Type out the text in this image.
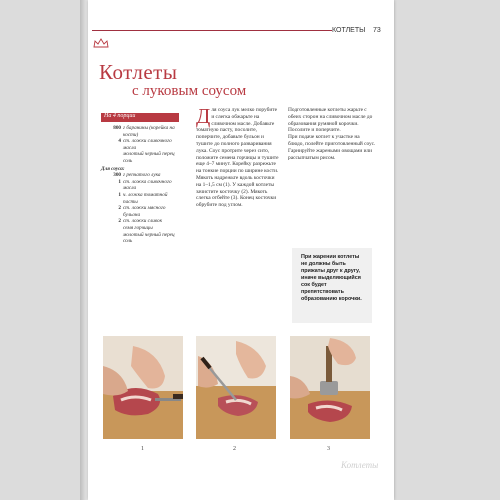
КОТЛЕТЫ 73
Котлеты
с луковым соусом
На 4 порции
800 г баранины (корейка на кости)
4 ст. ложки сливочного масла
молотый черный перец
соль
Для соуса:
300 г репчатого лука
1 ст. ложка сливочного масла
1 ч. ложка томатной пасты
2 ст. ложки мясного бульона
2 ст. ложки сливок
семя горчицы
молотый черный перец
соль
Для соуса лук мелко порубите и слегка обжарьте на сливочном масле. Добавьте томатную пасту, посолите, поперчите, добавьте бульон и тушите до полного разваривания лука. Соус протрите через сито, положите семена горчицы и тушите еще 4–7 минут. Корейку разрежьте на тонкие порции по ширине кости. Мякоть надрежьте вдоль косточки на 1–1,5 см (1). У каждой котлеты зачистите косточку (2). Мякоть слегка отбейте (3). Конец косточки обрубите под углом.
Подготовленные котлеты жарьте с обеих сторон на сливочном масле до образования румяной корочки. Посолите и поперчите.
При подаче котлет к участке на блюдо, полейте приготовленный соус. Гарнируйте жареными овощами или рассыпчатым рисом.
При жарении котлеты не должны быть прижаты друг к другу, иначе выделяющийся сок будет препятствовать образованию корочки.
1	2	3
Котлеты
